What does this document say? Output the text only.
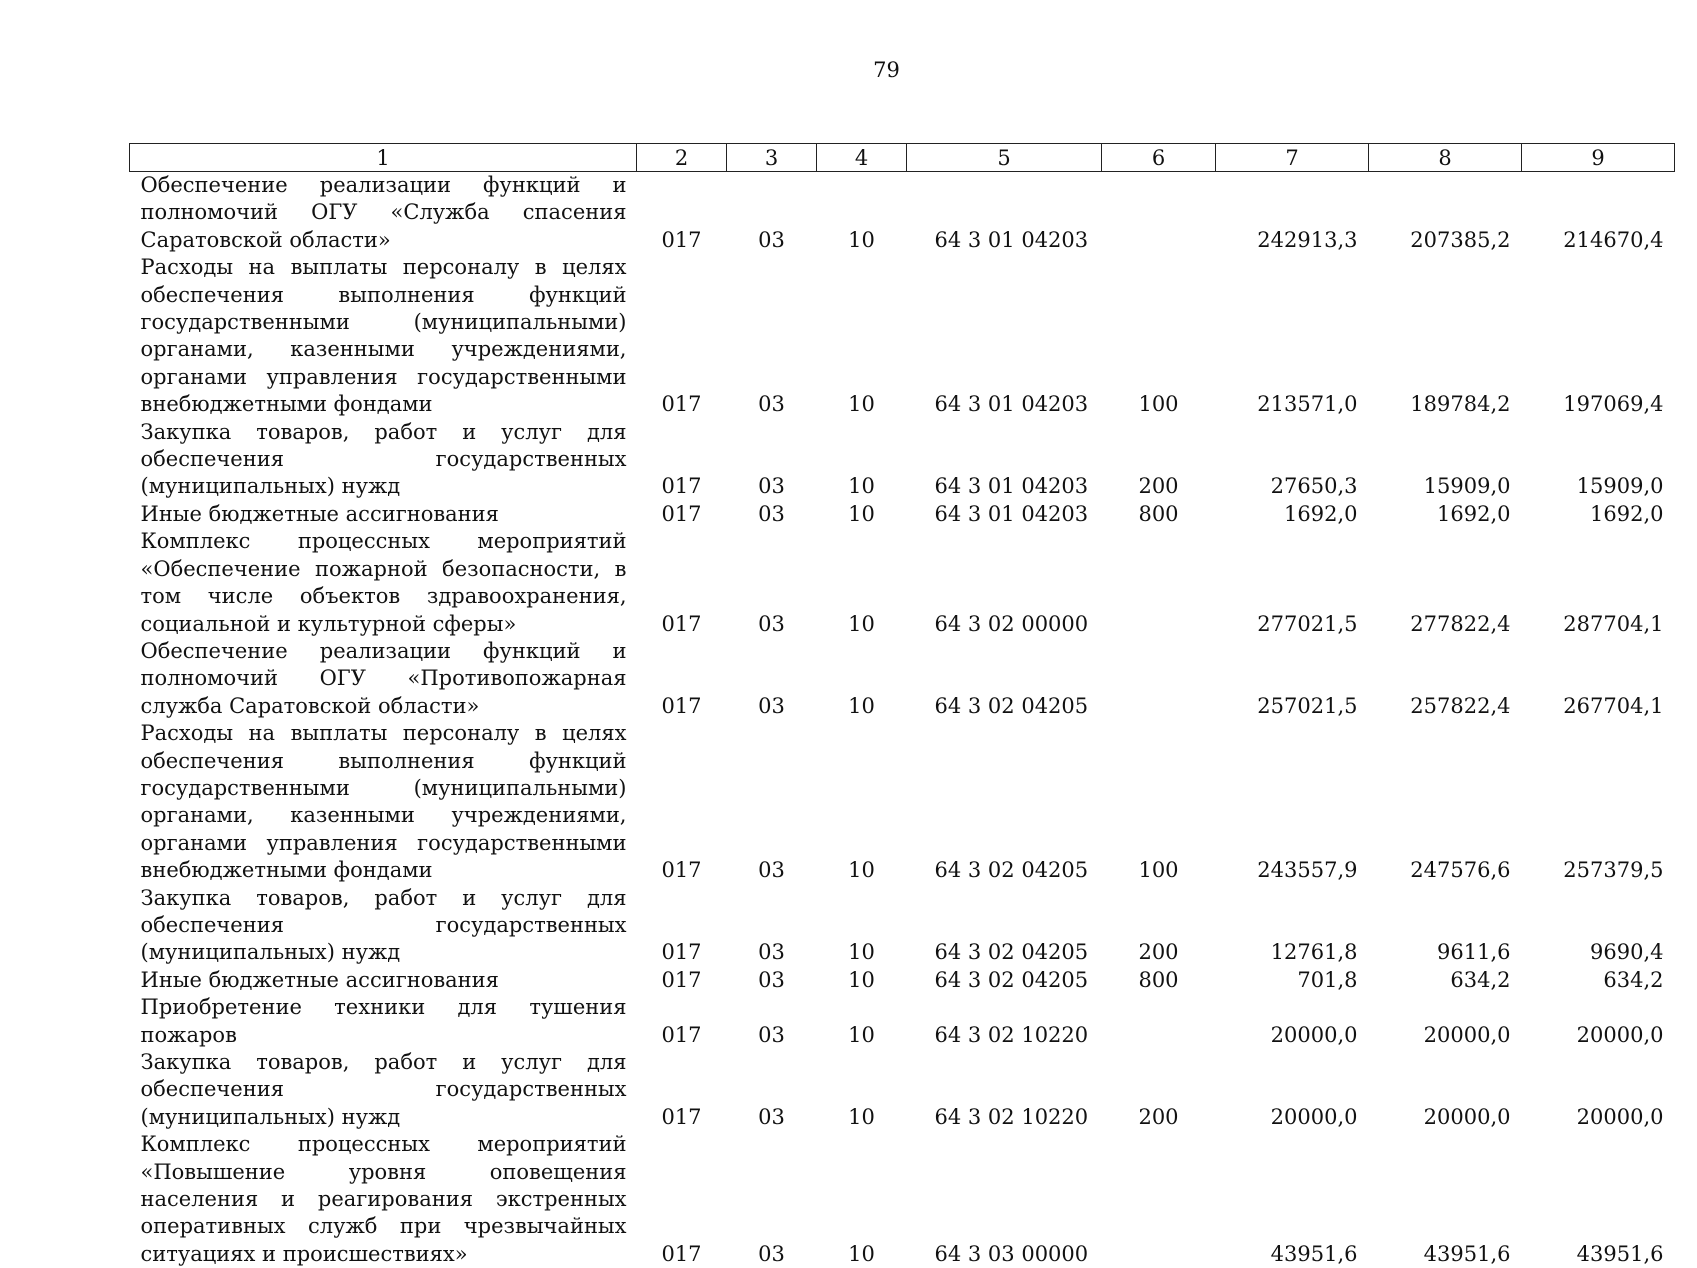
79
1	2	3	4	5	6	7	8	9
Обеспечение реализации функций и полномочий ОГУ «Служба спасения Саратовской области»	017	03	10	64 3 01 04203		242913,3	207385,2	214670,4
Расходы на выплаты персоналу в целях обеспечения выполнения функций государственными (муниципальными) органами, казенными учреждениями, органами управления государственными внебюджетными фондами	017	03	10	64 3 01 04203	100	213571,0	189784,2	197069,4
Закупка товаров, работ и услуг для обеспечения государственных (муниципальных) нужд	017	03	10	64 3 01 04203	200	27650,3	15909,0	15909,0
Иные бюджетные ассигнования	017	03	10	64 3 01 04203	800	1692,0	1692,0	1692,0
Комплекс процессных мероприятий «Обеспечение пожарной безопасности, в том числе объектов здравоохранения, социальной и культурной сферы»	017	03	10	64 3 02 00000		277021,5	277822,4	287704,1
Обеспечение реализации функций и полномочий ОГУ «Противопожарная служба Саратовской области»	017	03	10	64 3 02 04205		257021,5	257822,4	267704,1
Расходы на выплаты персоналу в целях обеспечения выполнения функций государственными (муниципальными) органами, казенными учреждениями, органами управления государственными внебюджетными фондами	017	03	10	64 3 02 04205	100	243557,9	247576,6	257379,5
Закупка товаров, работ и услуг для обеспечения государственных (муниципальных) нужд	017	03	10	64 3 02 04205	200	12761,8	9611,6	9690,4
Иные бюджетные ассигнования	017	03	10	64 3 02 04205	800	701,8	634,2	634,2
Приобретение техники для тушения пожаров	017	03	10	64 3 02 10220		20000,0	20000,0	20000,0
Закупка товаров, работ и услуг для обеспечения государственных (муниципальных) нужд	017	03	10	64 3 02 10220	200	20000,0	20000,0	20000,0
Комплекс процессных мероприятий «Повышение уровня оповещения населения и реагирования экстренных оперативных служб при чрезвычайных ситуациях и происшествиях»	017	03	10	64 3 03 00000		43951,6	43951,6	43951,6
